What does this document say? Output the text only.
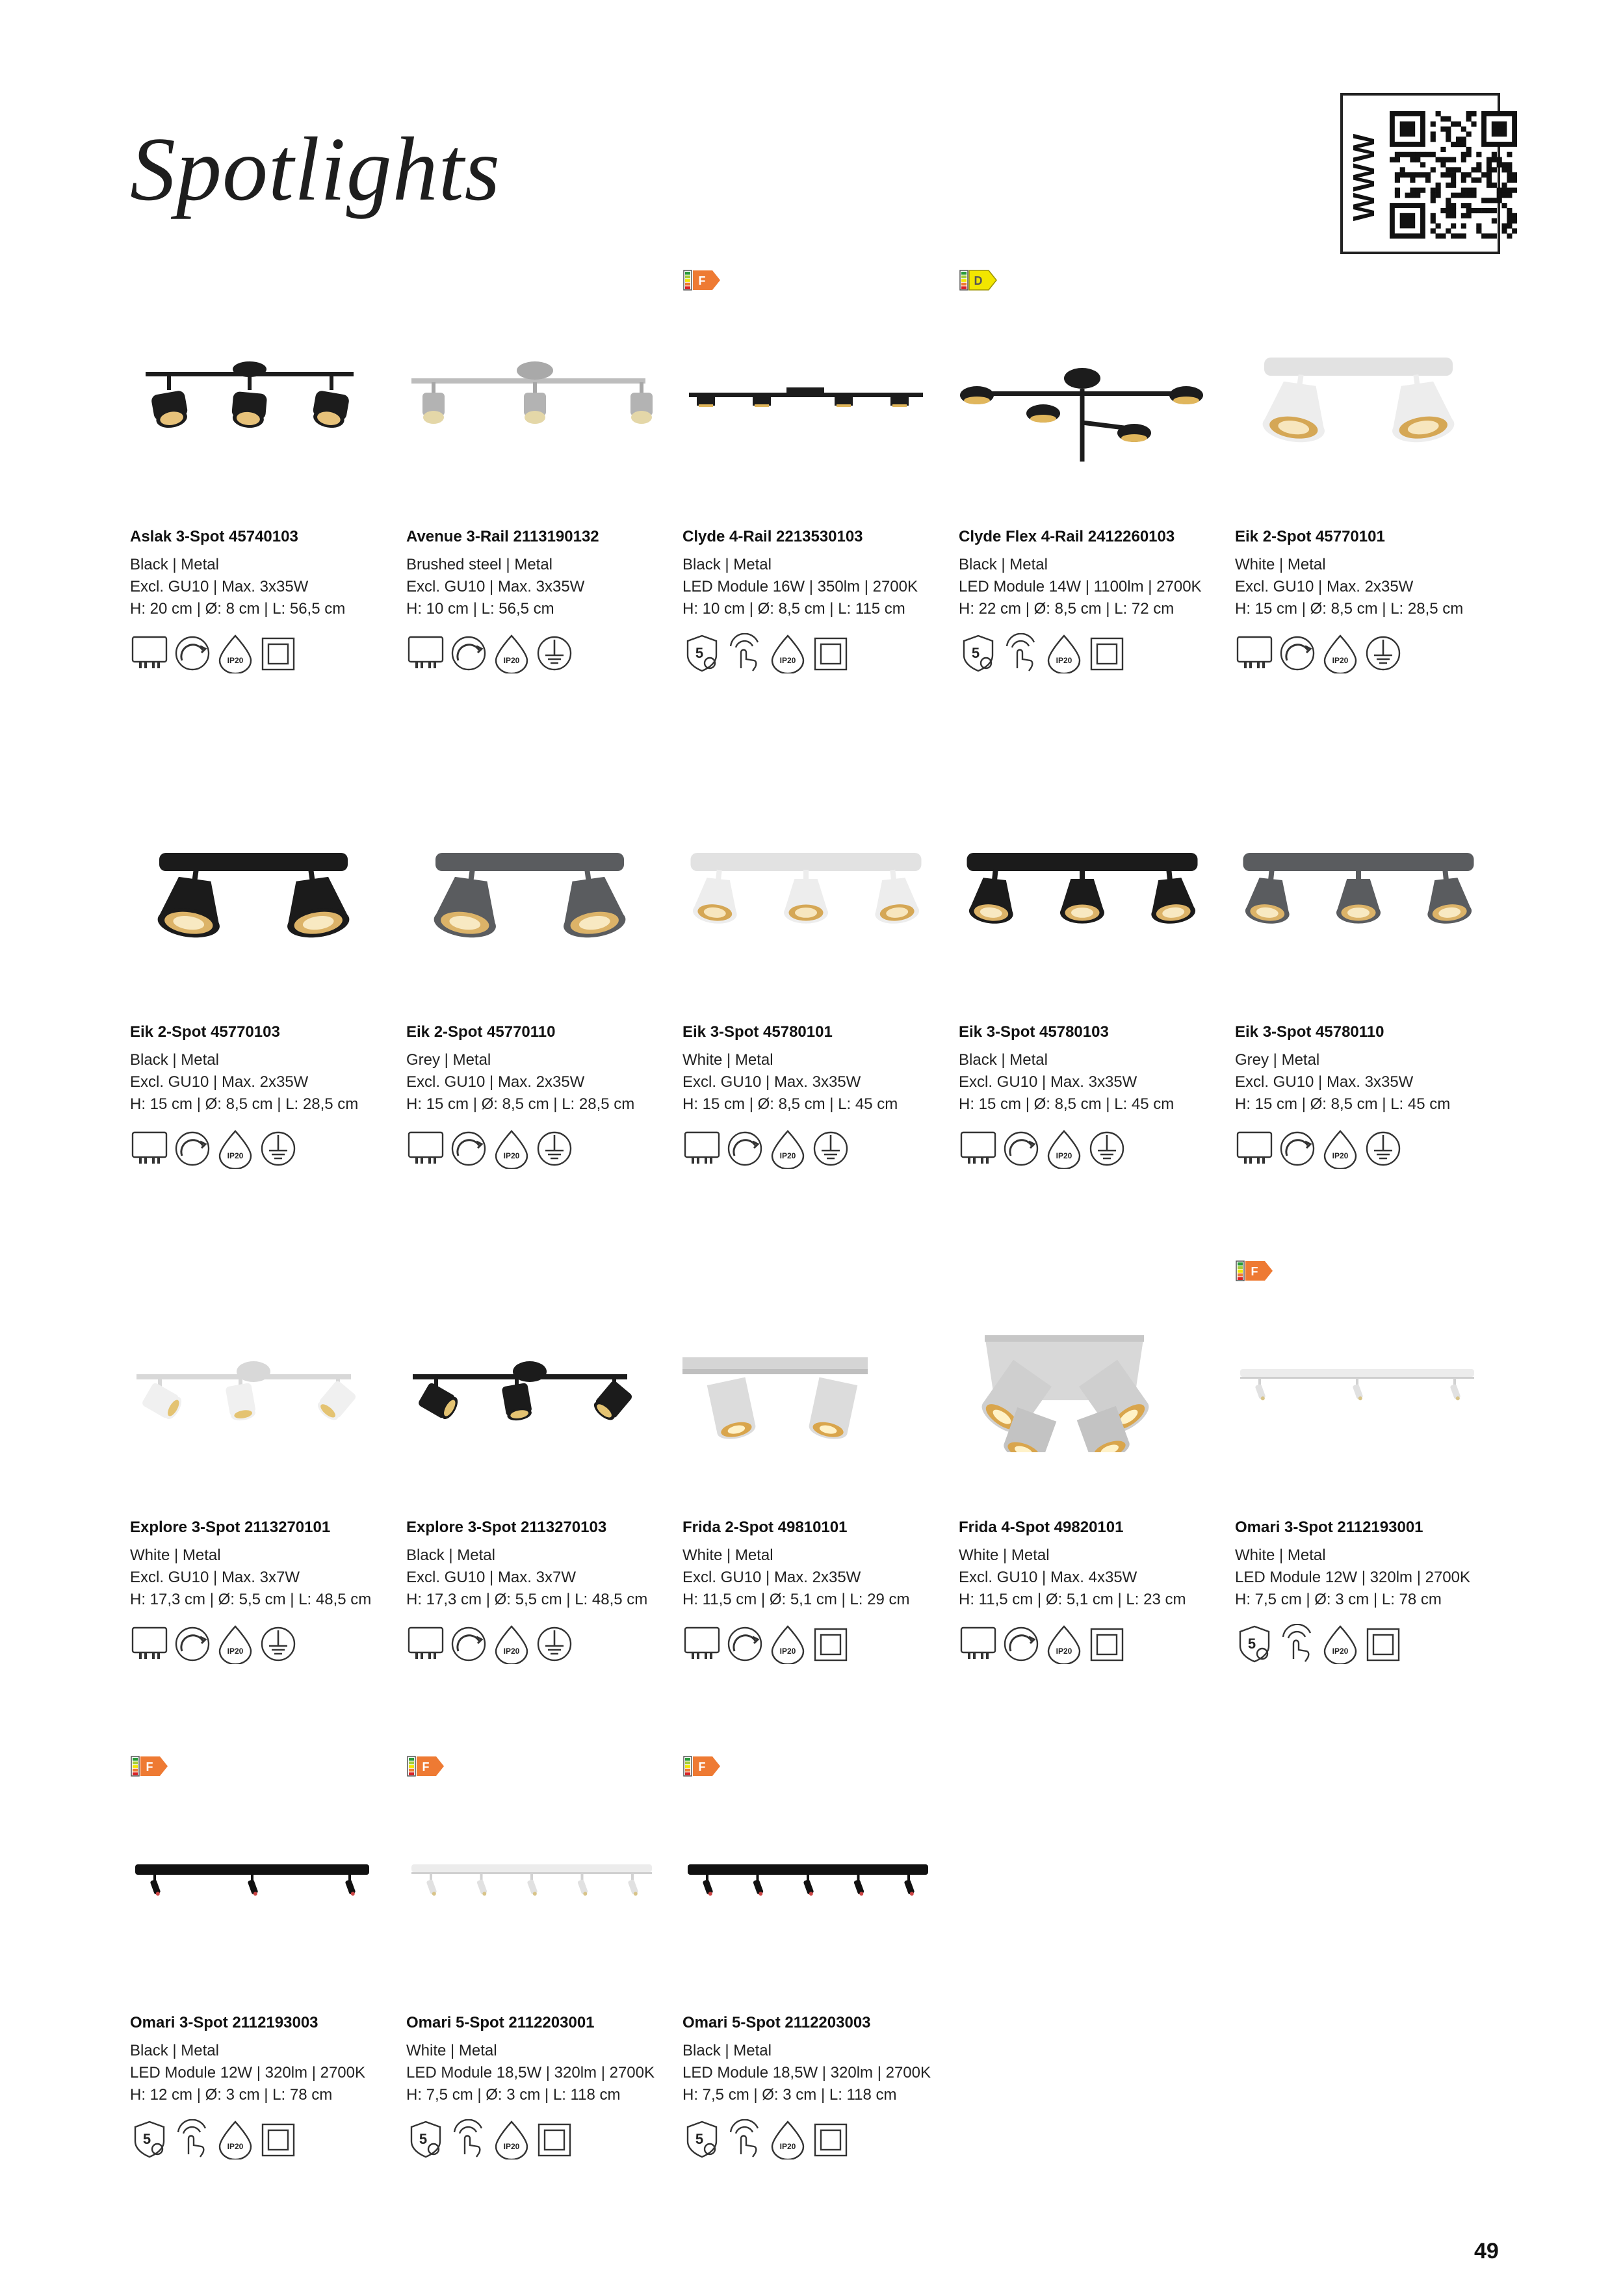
Spotlights	WWW
Aslak 3-Spot 45740103
Black | Metal
Excl. GU10 | Max. 3x35W
H: 20 cm | Ø: 8 cm | L: 56,5 cm
IP20
Avenue 3-Rail 2113190132
Brushed steel | Metal
Excl. GU10 | Max. 3x35W
H: 10 cm | L: 56,5 cm
IP20
F
Clyde 4-Rail 2213530103
Black | Metal
LED Module 16W | 350lm | 2700K
H: 10 cm | Ø: 8,5 cm | L: 115 cm
5	IP20
D
Clyde Flex 4-Rail 2412260103
Black | Metal
LED Module 14W | 1100lm | 2700K
H: 22 cm | Ø: 8,5 cm | L: 72 cm
5	IP20
Eik 2-Spot 45770101
White | Metal
Excl. GU10 | Max. 2x35W
H: 15 cm | Ø: 8,5 cm | L: 28,5 cm
IP20
Eik 2-Spot 45770103
Black | Metal
Excl. GU10 | Max. 2x35W
H: 15 cm | Ø: 8,5 cm | L: 28,5 cm
IP20
Eik 2-Spot 45770110
Grey | Metal
Excl. GU10 | Max. 2x35W
H: 15 cm | Ø: 8,5 cm | L: 28,5 cm
IP20
Eik 3-Spot 45780101
White | Metal
Excl. GU10 | Max. 3x35W
H: 15 cm | Ø: 8,5 cm | L: 45 cm
IP20
Eik 3-Spot 45780103
Black | Metal
Excl. GU10 | Max. 3x35W
H: 15 cm | Ø: 8,5 cm | L: 45 cm
IP20
Eik 3-Spot 45780110
Grey | Metal
Excl. GU10 | Max. 3x35W
H: 15 cm | Ø: 8,5 cm | L: 45 cm
IP20
Explore 3-Spot 2113270101
White | Metal
Excl. GU10 | Max. 3x7W
H: 17,3 cm | Ø: 5,5 cm | L: 48,5 cm
IP20
Explore 3-Spot 2113270103
Black | Metal
Excl. GU10 | Max. 3x7W
H: 17,3 cm | Ø: 5,5 cm | L: 48,5 cm
IP20
Frida 2-Spot 49810101
White | Metal
Excl. GU10 | Max. 2x35W
H: 11,5 cm | Ø: 5,1 cm | L: 29 cm
IP20
Frida 4-Spot 49820101
White | Metal
Excl. GU10 | Max. 4x35W
H: 11,5 cm | Ø: 5,1 cm | L: 23 cm
IP20
F
Omari 3-Spot 2112193001
White | Metal
LED Module 12W | 320lm | 2700K
H: 7,5 cm | Ø: 3 cm | L: 78 cm
5	IP20
F
Omari 3-Spot 2112193003
Black | Metal
LED Module 12W | 320lm | 2700K
H: 12 cm | Ø: 3 cm | L: 78 cm
5	IP20
F
Omari 5-Spot 2112203001
White | Metal
LED Module 18,5W | 320lm | 2700K
H: 7,5 cm | Ø: 3 cm | L: 118 cm
5	IP20
F
Omari 5-Spot 2112203003
Black | Metal
LED Module 18,5W | 320lm | 2700K
H: 7,5 cm | Ø: 3 cm | L: 118 cm
5	IP20
49
